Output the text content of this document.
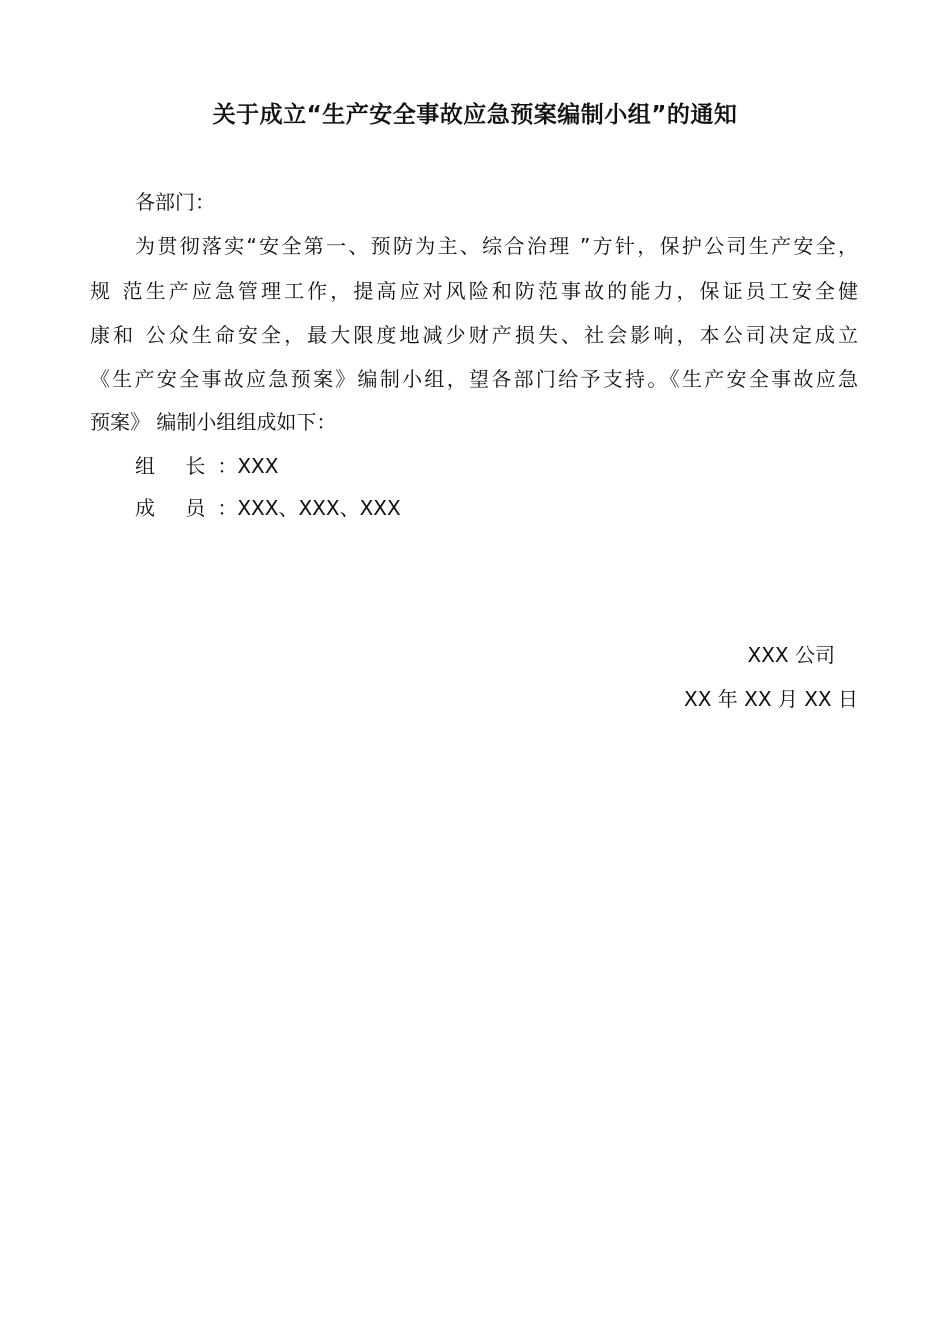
关于成立“生产安全事故应急预案编制小组”的通知
各部门：
为贯彻落实“安全第一、预防为主、综合治理 ”方针，保护公司生产安全，
规 范生产应急管理工作，提高应对风险和防范事故的能力，保证员工安全健
康和 公众生命安全，最大限度地减少财产损失、社会影响，本公司决定成立
《生产安全事故应急预案》编制小组，望各部门给予支持。《生产安全事故应急
预案》 编制小组组成如下：
组 长：XXX
成 员：XXX、XXX、XXX
XXX 公司
XX 年 XX 月 XX 日
